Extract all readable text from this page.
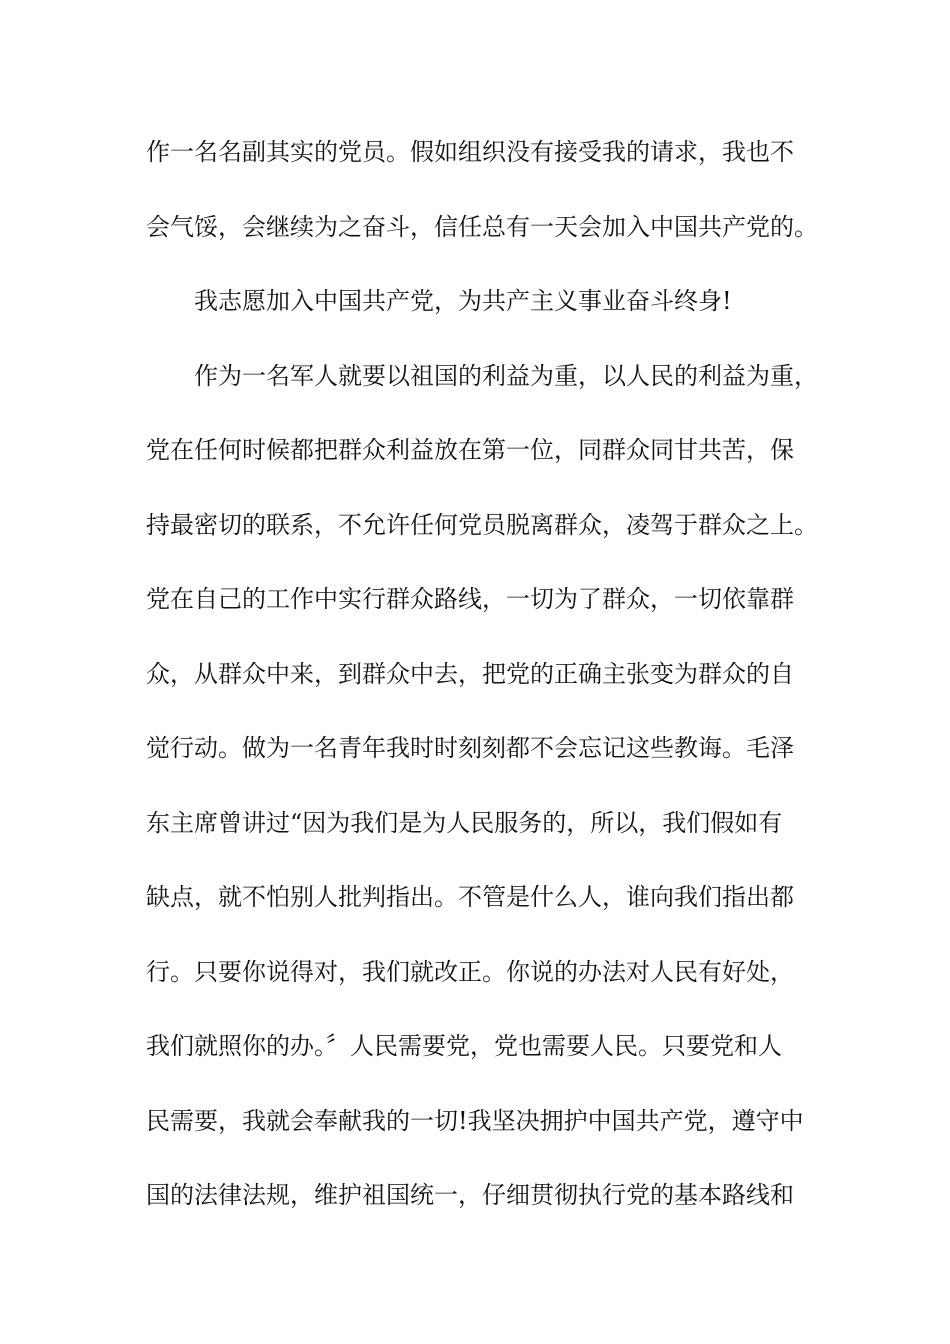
作一名名副其实的党员。假如组织没有接受我的请求，我也不
会气馁，会继续为之奋斗，信任总有一天会加入中国共产党的。
我志愿加入中国共产党，为共产主义事业奋斗终身!
作为一名军人就要以祖国的利益为重，以人民的利益为重，
党在任何时候都把群众利益放在第一位，同群众同甘共苦，保
持最密切的联系，不允许任何党员脱离群众，凌驾于群众之上。
党在自己的工作中实行群众路线，一切为了群众，一切依靠群
众，从群众中来，到群众中去，把党的正确主张变为群众的自
觉行动。做为一名青年我时时刻刻都不会忘记这些教诲。毛泽
东主席曾讲过“因为我们是为人民服务的，所以，我们假如有
缺点，就不怕别人批判指出。不管是什么人，谁向我们指出都
行。只要你说得对，我们就改正。你说的办法对人民有好处，
我们就照你的办。〞人民需要党，党也需要人民。只要党和人
民需要，我就会奉献我的一切!我坚决拥护中国共产党，遵守中
国的法律法规，维护祖国统一，仔细贯彻执行党的基本路线和
